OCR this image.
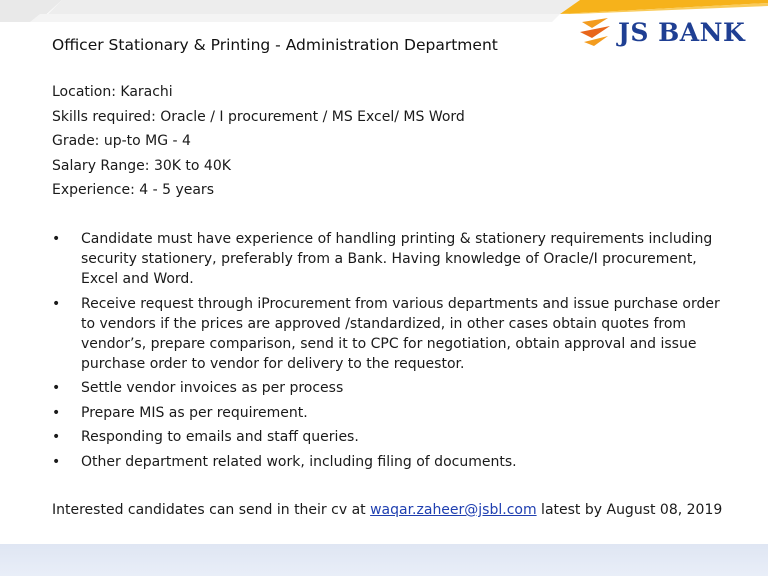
JS BANK
Officer Stationary & Printing - Administration Department
Location: Karachi
Skills required: Oracle / I procurement / MS Excel/ MS Word
Grade: up-to MG - 4
Salary Range: 30K to 40K
Experience: 4 - 5 years
• Candidate must have experience of handling printing & stationery requirements including security stationery, preferably from a Bank. Having knowledge of Oracle/I procurement, Excel and Word.
• Receive request through iProcurement from various departments and issue purchase order to vendors if the prices are approved /standardized, in other cases obtain quotes from vendor’s, prepare comparison, send it to CPC for negotiation, obtain approval and issue purchase order to vendor for delivery to the requestor.
• Settle vendor invoices as per process
• Prepare MIS as per requirement.
• Responding to emails and staff queries.
• Other department related work, including filing of documents.
Interested candidates can send in their cv at waqar.zaheer@jsbl.com latest by August 08, 2019
